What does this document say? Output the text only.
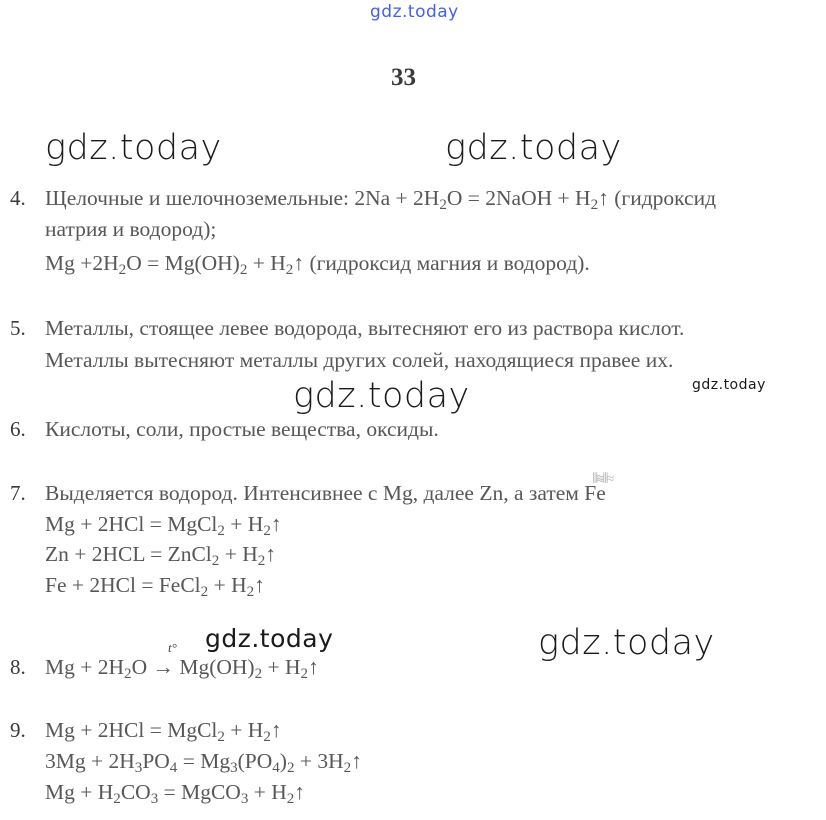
gdz.today
gdz.today	gdz.today
gdz.today	gdz.today
gdz.today	gdz.today
33
4. Щелочные и шелочноземельные: $2Na + 2H_2O$ = 2NaOH + $H_2↑$ (гидроксид
натрия и водород);
$Mg +2H_2O = Mg(OH)_2$ + $H_2↑$ (гидроксид магния и водород).
5. Металлы, стоящее левее водорода, вытесняют его из раствора кислот.
Металлы вытесняют металлы других солей, находящиеся правее их.
6. Кислоты, соли, простые вещества, оксиды.
7. Выделяется водород. Интенсивнее с Mg, далее Zn, а затем Fe
⦀≋⦀≈
Mg + 2HCl = MgCl$_2$ + $H_2↑$
Zn + 2HCL = ZnCl$_2$ + $H_2↑$
Fe + 2HCl = FeCl$_2$ + $H_2↑$
t°
8. $Mg + 2H_2O \to Mg(OH)_2$ + $H_2↑$
9. Mg + 2HCl = MgCl$_2$ + $H_2↑$
$3Mg + 2H_3PO_4 = Mg_3(PO_4)_2$ + $3H_2↑$
$Mg + H_2CO_3$ = MgCO$_3$ + $H_2↑$
